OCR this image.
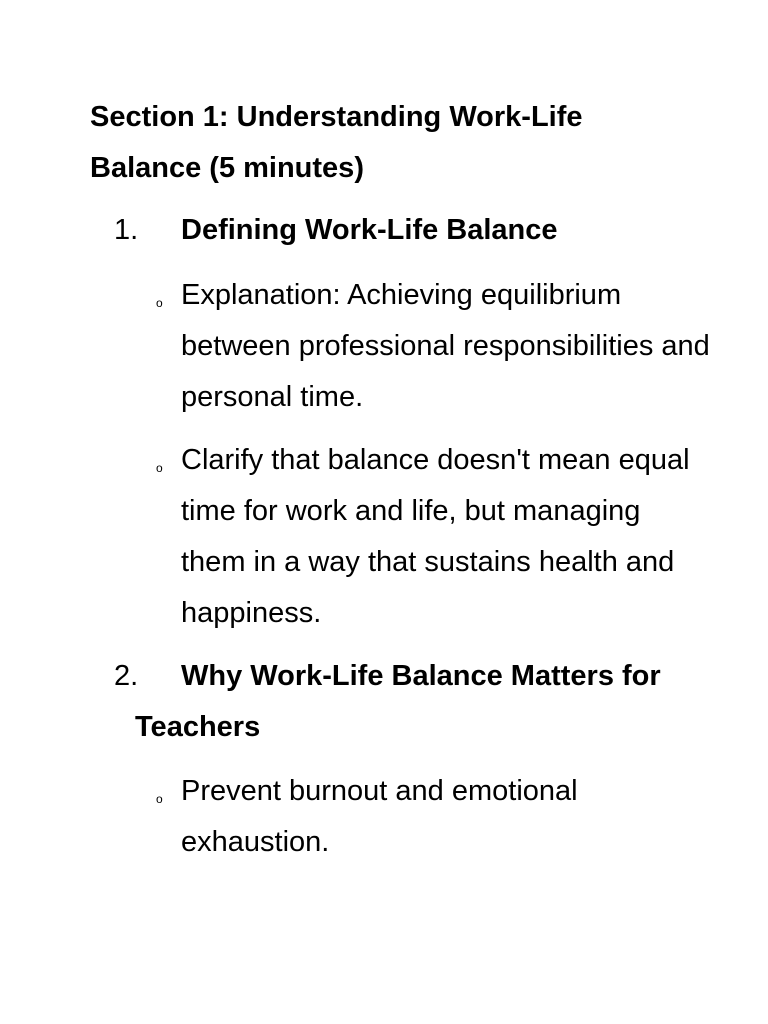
Section 1: Understanding Work-Life Balance (5 minutes)
1. Defining Work-Life Balance
o Explanation: Achieving equilibrium between professional responsibilities and personal time.

o Clarify that balance doesn't mean equal time for work and life, but managing them in a way that sustains health and happiness.

2.	Why Work-Life Balance Matters for Teachers
o Prevent burnout and emotional exhaustion.
